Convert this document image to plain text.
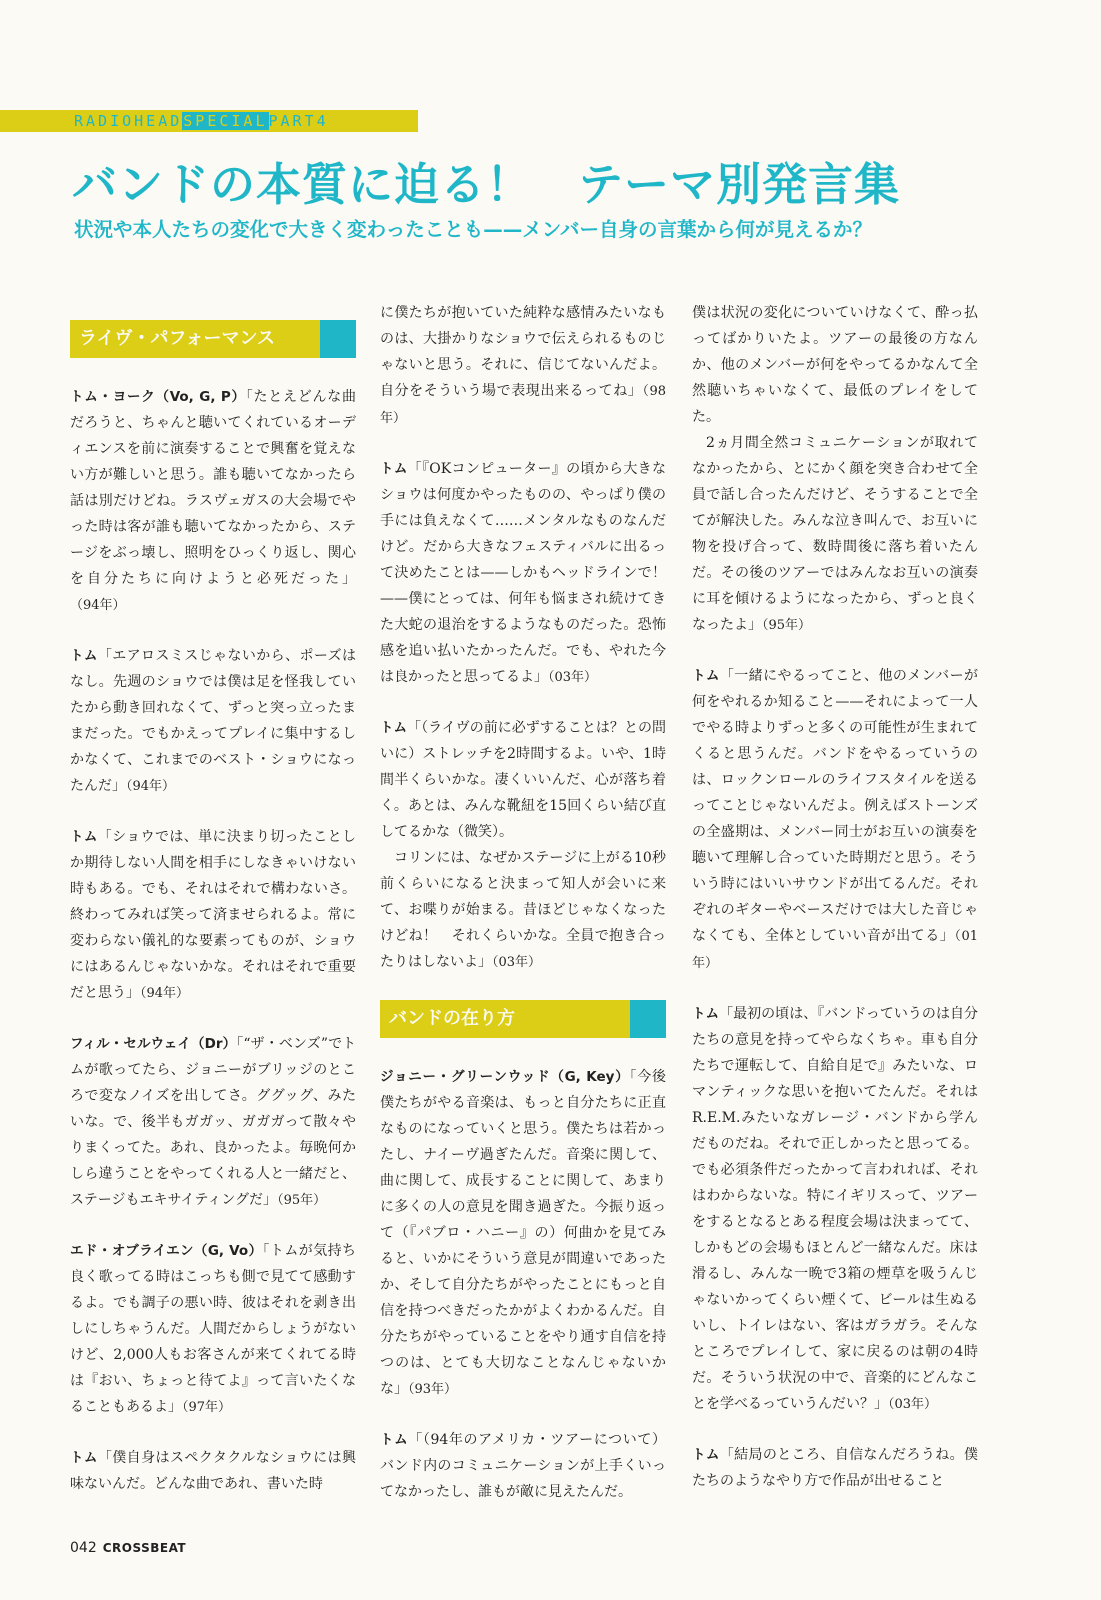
RADIOHEADSPECIALPART4
バンドの本質に迫る！ テーマ別発言集
状況や本人たちの変化で大きく変わったことも——メンバー自身の言葉から何が見えるか？
ライヴ・パフォーマンス

トム・ヨーク（Vo, G, P）「たとえどんな曲だろうと、ちゃんと聴いてくれているオーディエンスを前に演奏することで興奮を覚えない方が難しいと思う。誰も聴いてなかったら話は別だけどね。ラスヴェガスの大会場でやった時は客が誰も聴いてなかったから、ステージをぶっ壊し、照明をひっくり返し、関心を自分たちに向けようと必死だった」（94年）

トム「エアロスミスじゃないから、ポーズはなし。先週のショウでは僕は足を怪我していたから動き回れなくて、ずっと突っ立ったままだった。でもかえってプレイに集中するしかなくて、これまでのベスト・ショウになったんだ」（94年）

トム「ショウでは、単に決まり切ったことしか期待しない人間を相手にしなきゃいけない時もある。でも、それはそれで構わないさ。終わってみれば笑って済ませられるよ。常に変わらない儀礼的な要素ってものが、ショウにはあるんじゃないかな。それはそれで重要だと思う」（94年）

フィル・セルウェイ（Dr）「“ザ・ベンズ”でトムが歌ってたら、ジョニーがブリッジのところで変なノイズを出してさ。ググッグ、みたいな。で、後半もガガッ、ガガガって散々やりまくってた。あれ、良かったよ。毎晩何かしら違うことをやってくれる人と一緒だと、ステージもエキサイティングだ」（95年）

エド・オブライエン（G, Vo）「トムが気持ち良く歌ってる時はこっちも側で見てて感動するよ。でも調子の悪い時、彼はそれを剥き出しにしちゃうんだ。人間だからしょうがないけど、2,000人もお客さんが来てくれてる時は『おい、ちょっと待てよ』って言いたくなることもあるよ」（97年）

トム「僕自身はスペクタクルなショウには興味ないんだ。どんな曲であれ、書いた時

に僕たちが抱いていた純粋な感情みたいなものは、大掛かりなショウで伝えられるものじゃないと思う。それに、信じてないんだよ。自分をそういう場で表現出来るってね」（98年）

トム「『OKコンピューター』の頃から大きなショウは何度かやったものの、やっぱり僕の手には負えなくて……メンタルなものなんだけど。だから大きなフェスティバルに出るって決めたことは——しかもヘッドラインで！——僕にとっては、何年も悩まされ続けてきた大蛇の退治をするようなものだった。恐怖感を追い払いたかったんだ。でも、やれた今は良かったと思ってるよ」（03年）

トム「（ライヴの前に必ずすることは？との問いに）ストレッチを2時間するよ。いや、1時間半くらいかな。凄くいいんだ、心が落ち着く。あとは、みんな靴紐を15回くらい結び直してるかな（微笑）。

コリンには、なぜかステージに上がる10秒前くらいになると決まって知人が会いに来て、お喋りが始まる。昔ほどじゃなくなったけどね！　それくらいかな。全員で抱き合ったりはしないよ」（03年）

バンドの在り方

ジョニー・グリーンウッド（G, Key）「今後僕たちがやる音楽は、もっと自分たちに正直なものになっていくと思う。僕たちは若かったし、ナイーヴ過ぎたんだ。音楽に関して、曲に関して、成長することに関して、あまりに多くの人の意見を聞き過ぎた。今振り返って（『パブロ・ハニー』の）何曲かを見てみると、いかにそういう意見が間違いであったか、そして自分たちがやったことにもっと自信を持つべきだったかがよくわかるんだ。自分たちがやっていることをやり通す自信を持つのは、とても大切なことなんじゃないかな」（93年）

トム「（94年のアメリカ・ツアーについて）バンド内のコミュニケーションが上手くいってなかったし、誰もが敵に見えたんだ。

僕は状況の変化についていけなくて、酔っ払ってばかりいたよ。ツアーの最後の方なんか、他のメンバーが何をやってるかなんて全然聴いちゃいなくて、最低のプレイをしてた。

2ヵ月間全然コミュニケーションが取れてなかったから、とにかく顔を突き合わせて全員で話し合ったんだけど、そうすることで全てが解決した。みんな泣き叫んで、お互いに物を投げ合って、数時間後に落ち着いたんだ。その後のツアーではみんなお互いの演奏に耳を傾けるようになったから、ずっと良くなったよ」（95年）

トム「一緒にやるってこと、他のメンバーが何をやれるか知ること——それによって一人でやる時よりずっと多くの可能性が生まれてくると思うんだ。バンドをやるっていうのは、ロックンロールのライフスタイルを送るってことじゃないんだよ。例えばストーンズの全盛期は、メンバー同士がお互いの演奏を聴いて理解し合っていた時期だと思う。そういう時にはいいサウンドが出てるんだ。それぞれのギターやベースだけでは大した音じゃなくても、全体としていい音が出てる」（01年）

トム「最初の頃は、『バンドっていうのは自分たちの意見を持ってやらなくちゃ。車も自分たちで運転して、自給自足で』みたいな、ロマンティックな思いを抱いてたんだ。それはR.E.M.みたいなガレージ・バンドから学んだものだね。それで正しかったと思ってる。でも必須条件だったかって言われれば、それはわからないな。特にイギリスって、ツアーをするとなるとある程度会場は決まってて、しかもどの会場もほとんど一緒なんだ。床は滑るし、みんな一晩で3箱の煙草を吸うんじゃないかってくらい煙くて、ビールは生ぬるいし、トイレはない、客はガラガラ。そんなところでプレイして、家に戻るのは朝の4時だ。そういう状況の中で、音楽的にどんなことを学べるっていうんだい？」（03年）

トム「結局のところ、自信なんだろうね。僕たちのようなやり方で作品が出せること

042 CROSSBEAT
